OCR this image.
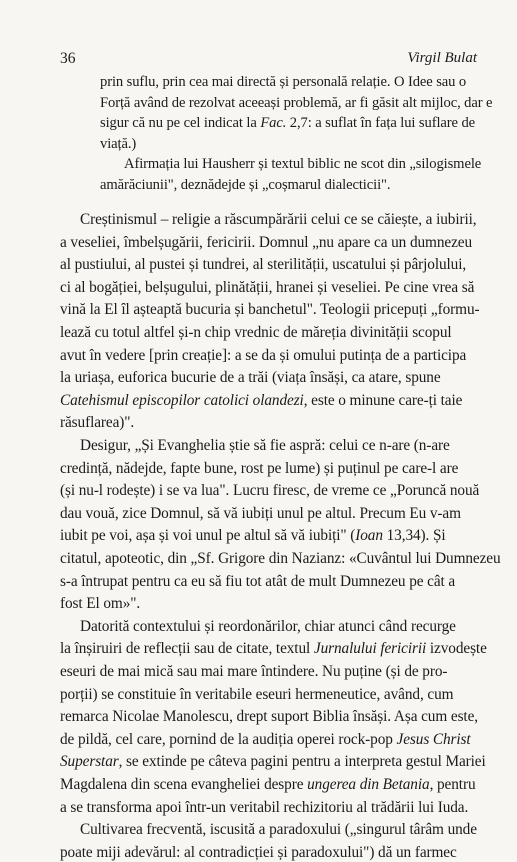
36	Virgil Bulat
prin suflu, prin cea mai directă și personală relație. O Idee sau o
Forță având de rezolvat aceeași problemă, ar fi găsit alt mijloc, dar e
sigur că nu pe cel indicat la Fac. 2,7: a suflat în fața lui suflare de
viață.)
Afirmația lui Hausherr și textul biblic ne scot din „silogismele
amărăciunii", deznădejde și „coșmarul dialecticii".
Creștinismul – religie a răscumpărării celui ce se căiește, a iubirii,
a veseliei, îmbelșugării, fericirii. Domnul „nu apare ca un dumnezeu
al pustiului, al pustei și tundrei, al sterilității, uscatului și pârjolului,
ci al bogăției, belșugului, plinătății, hranei și veseliei. Pe cine vrea să
vină la El îl așteaptă bucuria și banchetul". Teologii pricepuți „formu-
lează cu totul altfel și-n chip vrednic de măreția divinității scopul
avut în vedere [prin creație]: a se da și omului putința de a participa
la uriașa, euforica bucurie de a trăi (viața însăși, ca atare, spune
Catehismul episcopilor catolici olandezi, este o minune care-ți taie
răsuflarea)".
Desigur, „Și Evanghelia știe să fie aspră: celui ce n-are (n-are
credință, nădejde, fapte bune, rost pe lume) și puținul pe care-l are
(și nu-l rodește) i se va lua". Lucru firesc, de vreme ce „Poruncă nouă
dau vouă, zice Domnul, să vă iubiți unul pe altul. Precum Eu v-am
iubit pe voi, așa și voi unul pe altul să vă iubiți" (Ioan 13,34). Și
citatul, apoteotic, din „Sf. Grigore din Nazianz: «Cuvântul lui Dumnezeu
s-a întrupat pentru ca eu să fiu tot atât de mult Dumnezeu pe cât a
fost El om»".
Datorită contextului și reordonărilor, chiar atunci când recurge
la înșiruiri de reflecții sau de citate, textul Jurnalului fericirii izvodește
eseuri de mai mică sau mai mare întindere. Nu puține (și de pro-
porții) se constituie în veritabile eseuri hermeneutice, având, cum
remarca Nicolae Manolescu, drept suport Biblia însăși. Așa cum este,
de pildă, cel care, pornind de la audiția operei rock-pop Jesus Christ
Superstar, se extinde pe câteva pagini pentru a interpreta gestul Mariei
Magdalena din scena evangheliei despre ungerea din Betania, pentru
a se transforma apoi într-un veritabil rechizitoriu al trădării lui Iuda.
Cultivarea frecventă, iscusită a paradoxului („singurul târâm unde
poate miji adevărul: al contradicției și paradoxului") dă un farmec
